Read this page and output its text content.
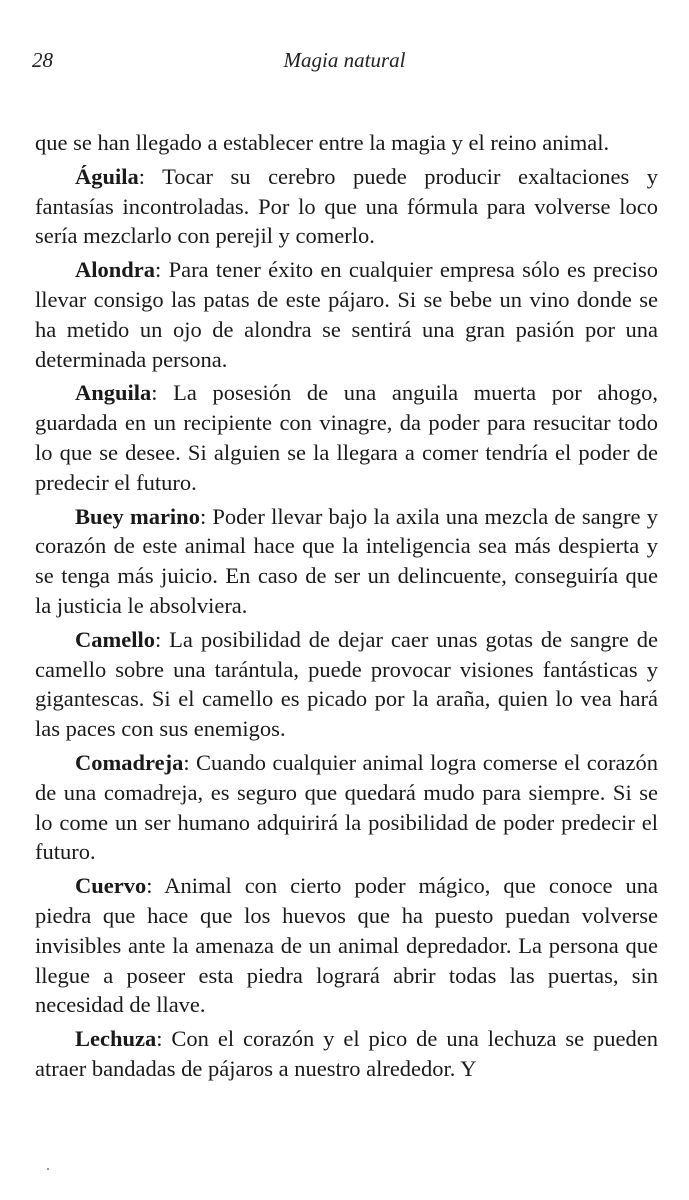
28	Magia natural

que se han llegado a establecer entre la magia y el reino animal.

Águila: Tocar su cerebro puede producir exaltaciones y fantasías incontroladas. Por lo que una fórmula para volverse loco sería mezclarlo con perejil y comerlo.

Alondra: Para tener éxito en cualquier empresa sólo es preciso llevar consigo las patas de este pájaro. Si se bebe un vino donde se ha metido un ojo de alondra se sentirá una gran pasión por una determinada persona.

Anguila: La posesión de una anguila muerta por ahogo, guardada en un recipiente con vinagre, da poder para resucitar todo lo que se desee. Si alguien se la llegara a comer tendría el poder de predecir el futuro.

Buey marino: Poder llevar bajo la axila una mezcla de sangre y corazón de este animal hace que la inteligencia sea más despierta y se tenga más juicio. En caso de ser un delincuente, conseguiría que la justicia le absolviera.

Camello: La posibilidad de dejar caer unas gotas de sangre de camello sobre una tarántula, puede provocar visiones fantásticas y gigantescas. Si el camello es picado por la araña, quien lo vea hará las paces con sus enemigos.

Comadreja: Cuando cualquier animal logra comerse el corazón de una comadreja, es seguro que quedará mudo para siempre. Si se lo come un ser humano adquirirá la posibilidad de poder predecir el futuro.

Cuervo: Animal con cierto poder mágico, que conoce una piedra que hace que los huevos que ha puesto puedan volverse invisibles ante la amenaza de un animal depredador. La persona que llegue a poseer esta piedra logrará abrir todas las puertas, sin necesidad de llave.

Lechuza: Con el corazón y el pico de una lechuza se pueden atraer bandadas de pájaros a nuestro alrededor. Y
